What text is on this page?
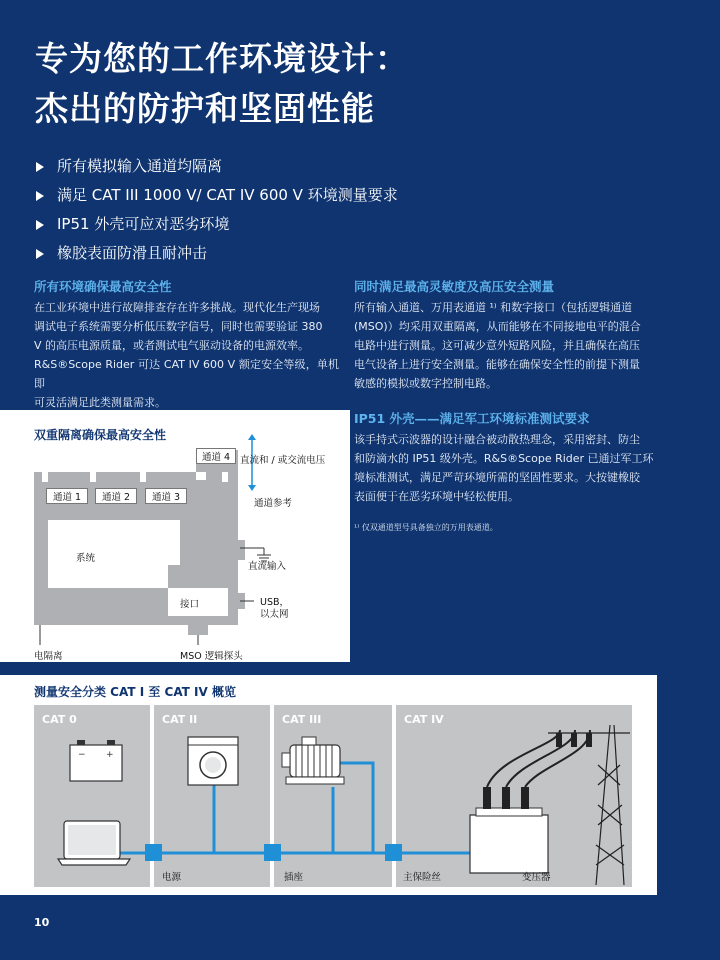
专为您的工作环境设计：
杰出的防护和坚固性能
所有模拟输入通道均隔离
满足 CAT III 1000 V/ CAT IV 600 V 环境测量要求
IP51 外壳可应对恶劣环境
橡胶表面防滑且耐冲击
所有环境确保最高安全性
在工业环境中进行故障排查存在许多挑战。现代化生产现场
调试电子系统需要分析低压数字信号，同时也需要验证 380
V 的高压电源质量，或者测试电气驱动设备的电源效率。
R&S®Scope Rider 可达 CAT IV 600 V 额定安全等级，单机即
可灵活满足此类测量需求。
同时满足最高灵敏度及高压安全测量
所有输入通道、万用表通道 ¹⁾ 和数字接口（包括逻辑通道
(MSO)）均采用双重隔离，从而能够在不同接地电平的混合
电路中进行测量。这可减少意外短路风险，并且确保在高压
电气设备上进行安全测量。能够在确保安全性的前提下测量
敏感的模拟或数字控制电路。
IP51 外壳——满足军工环境标准测试要求
该手持式示波器的设计融合被动散热理念，采用密封、防尘
和防滴水的 IP51 级外壳。R&S®Scope Rider 已通过军工环
境标准测试，满足严苛环境所需的坚固性要求。大按键橡胶
表面便于在恶劣环境中轻松使用。
¹⁾ 仅双通道型号具备独立的万用表通道。
双重隔离确保最高安全性
通道 4
通道 1	通道 2	通道 3
直流和 / 或交流电压
通道参考
系统
直流输入
接口	USB，
以太网
电隔离	MSO 逻辑探头
测量安全分类 CAT I 至 CAT IV 概览
CAT 0	CAT II	CAT III	CAT IV
− +
电源	插座	主保险丝	变压器
10
